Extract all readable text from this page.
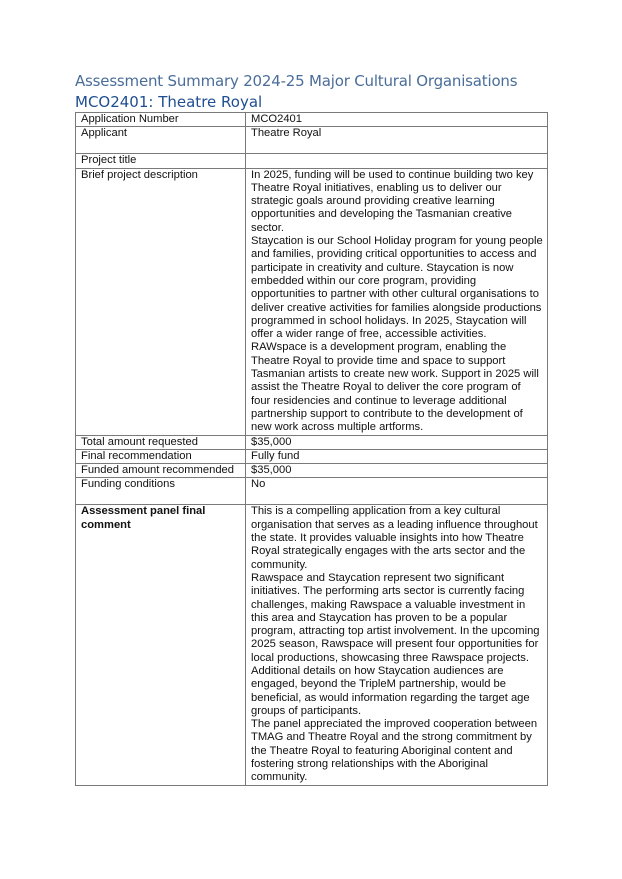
Assessment Summary 2024-25 Major Cultural Organisations
MCO2401: Theatre Royal
Application Number	MCO2401
Applicant	Theatre Royal
Project title	
Brief project description	In 2025, funding will be used to continue building two key Theatre Royal initiatives, enabling us to deliver our strategic goals around providing creative learning opportunities and developing the Tasmanian creative sector.
Staycation is our School Holiday program for young people and families, providing critical opportunities to access and participate in creativity and culture. Staycation is now embedded within our core program, providing opportunities to partner with other cultural organisations to deliver creative activities for families alongside productions programmed in school holidays. In 2025, Staycation will offer a wider range of free, accessible activities.
RAWspace is a development program, enabling the Theatre Royal to provide time and space to support Tasmanian artists to create new work. Support in 2025 will assist the Theatre Royal to deliver the core program of four residencies and continue to leverage additional partnership support to contribute to the development of new work across multiple artforms.

Total amount requested	$35,000
Final recommendation	Fully fund
Funded amount recommended	$35,000
Funding conditions	No
Assessment panel final comment	This is a compelling application from a key cultural organisation that serves as a leading influence throughout the state. It provides valuable insights into how Theatre Royal strategically engages with the arts sector and the community.
Rawspace and Staycation represent two significant initiatives. The performing arts sector is currently facing challenges, making Rawspace a valuable investment in this area and Staycation has proven to be a popular program, attracting top artist involvement. In the upcoming 2025 season, Rawspace will present four opportunities for local productions, showcasing three Rawspace projects.
Additional details on how Staycation audiences are engaged, beyond the TripleM partnership, would be beneficial, as would information regarding the target age groups of participants.
The panel appreciated the improved cooperation between TMAG and Theatre Royal and the strong commitment by the Theatre Royal to featuring Aboriginal content and fostering strong relationships with the Aboriginal community.
